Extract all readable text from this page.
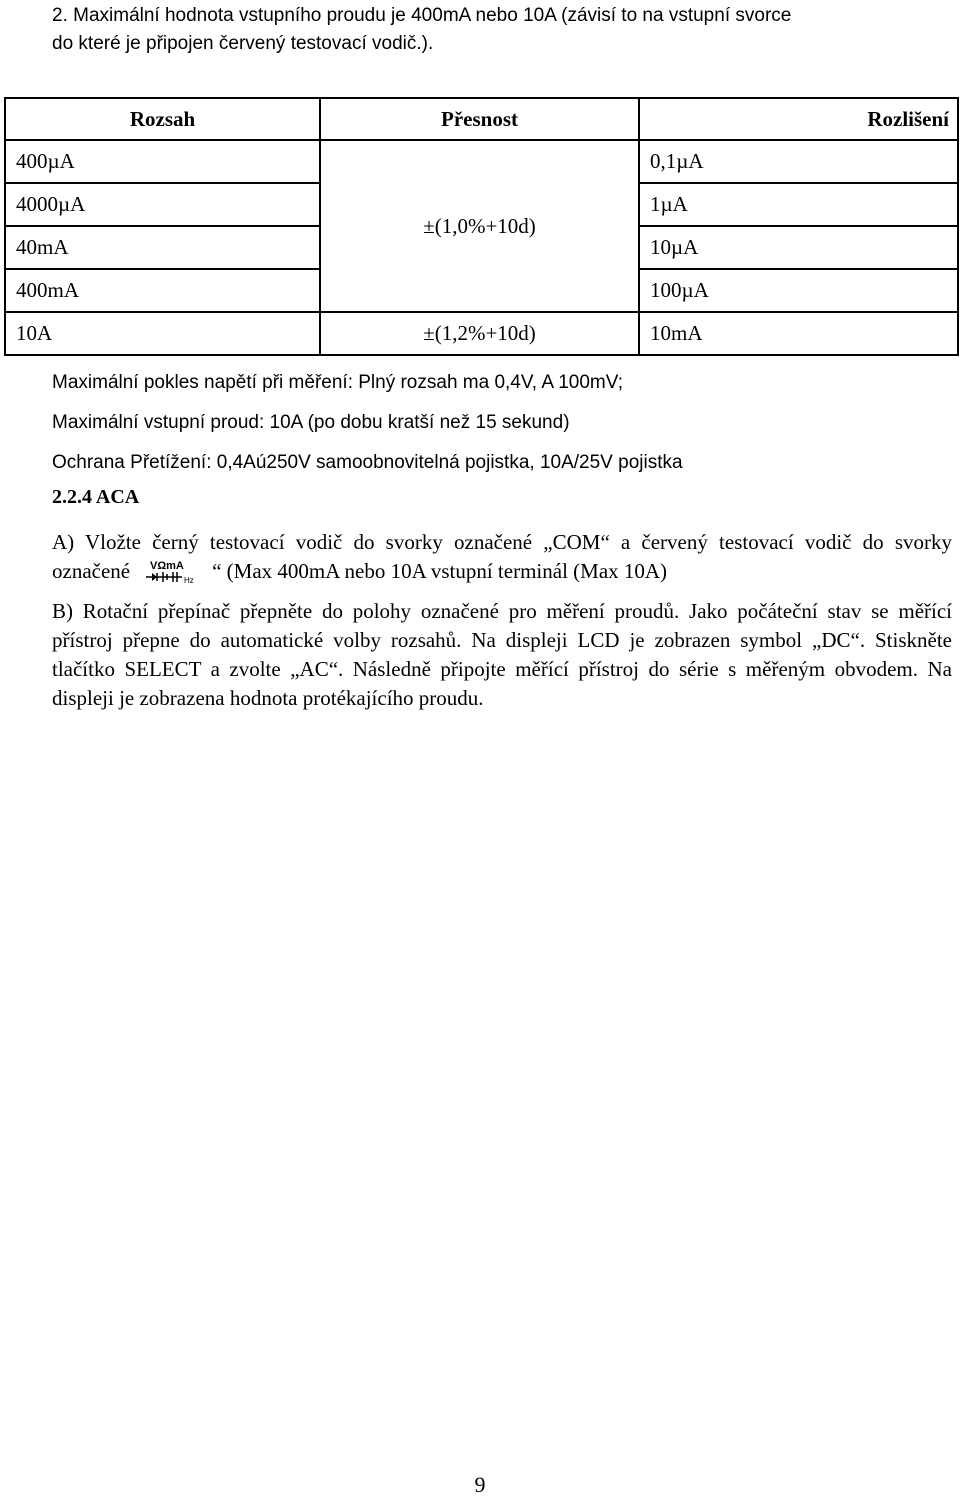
2. Maximální hodnota vstupního proudu je 400mA nebo 10A (závisí to na vstupní svorce
do které je připojen červený testovací vodič.).
Rozsah	Přesnost	Rozlišení
400µA	±(1,0%+10d)	0,1µA
4000µA		1µA
40mA		10µA
400mA		100µA
10A	±(1,2%+10d)	10mA
Maximální pokles napětí při měření: Plný rozsah ma 0,4V, A 100mV;
Maximální vstupní proud: 10A (po dobu kratší než 15 sekund)
Ochrana Přetížení: 0,4Aú250V samoobnovitelná pojistka, 10A/25V pojistka
2.2.4 ACA
A) Vložte černý testovací vodič do svorky označené „COM“ a červený testovací vodič do svorky označené VΩmA
Hz “ (Max 400mA nebo 10A vstupní terminál (Max 10A)
B) Rotační přepínač přepněte do polohy označené pro měření proudů. Jako počáteční stav se měřící přístroj přepne do automatické volby rozsahů. Na displeji LCD je zobrazen symbol „DC“. Stiskněte tlačítko SELECT a zvolte „AC“. Následně připojte měřící přístroj do série s měřeným obvodem. Na displeji je zobrazena hodnota protékajícího proudu.
9
